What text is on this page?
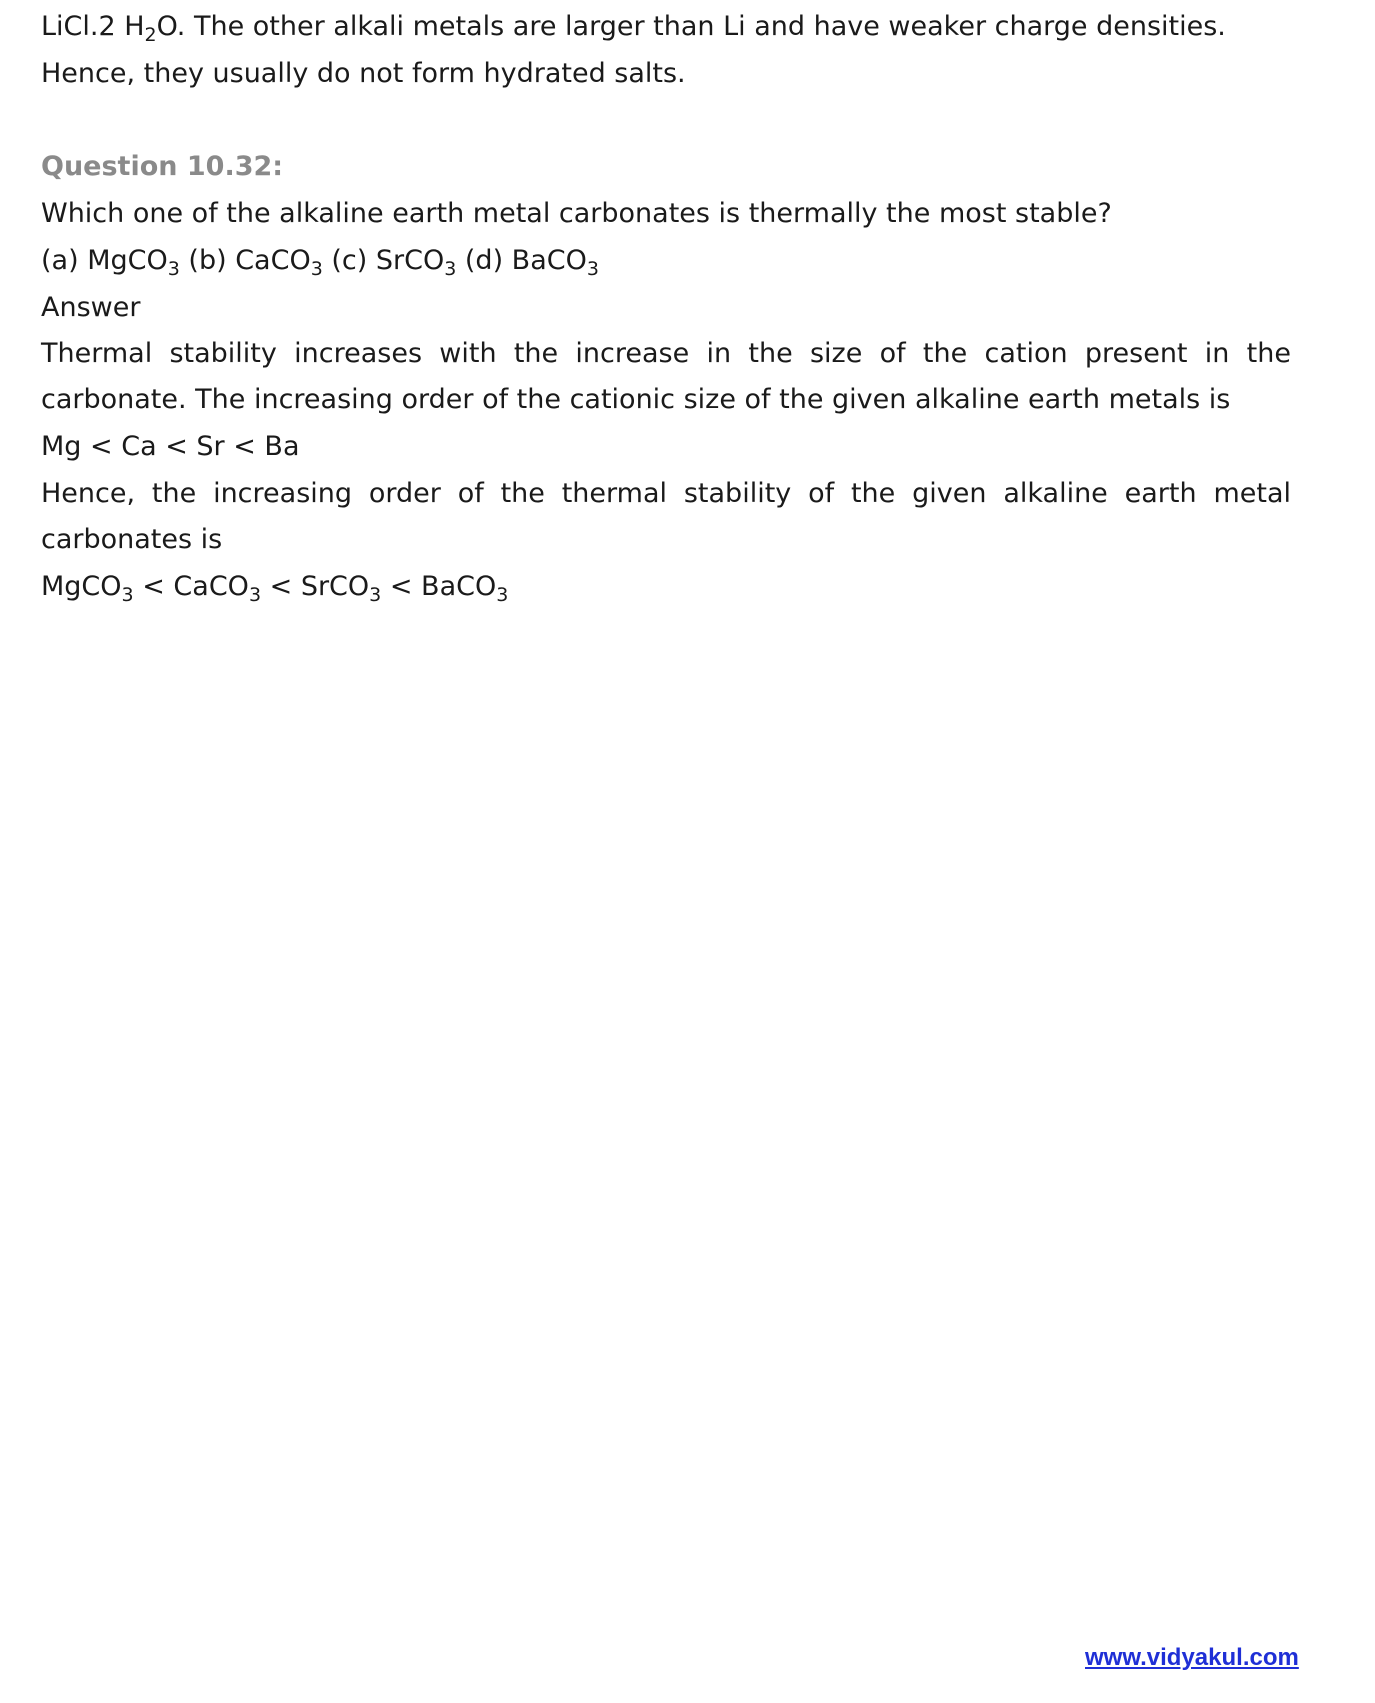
LiCl.2 $H_2O$. The other alkali metals are larger than Li and have weaker charge densities.
Hence, they usually do not form hydrated salts.
Question 10.32:
Which one of the alkaline earth metal carbonates is thermally the most stable?
(a) MgCO$_3$ (b) CaCO$_3$ (c) SrCO$_3$ (d) BaCO$_3$
Answer
Thermal stability increases with the increase in the size of the cation present in the
carbonate. The increasing order of the cationic size of the given alkaline earth metals is
Mg < Ca < Sr < Ba
Hence, the increasing order of the thermal stability of the given alkaline earth metal
carbonates is
MgCO$_3$ < CaCO$_3$ < SrCO$_3$ < BaCO$_3$
www.vidyakul.com
